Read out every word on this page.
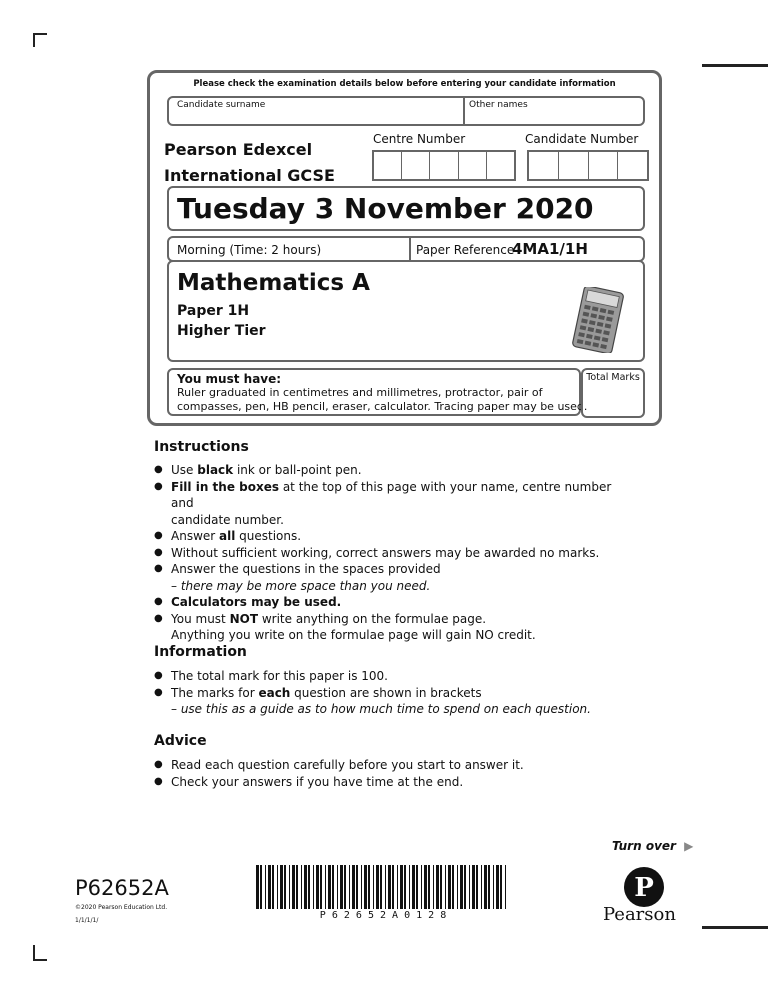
Please check the examination details below before entering your candidate information
Candidate surname	Other names
Pearson Edexcel
International GCSE
Centre Number	Candidate Number
Tuesday 3 November 2020
Morning (Time: 2 hours)	Paper Reference
4MA1/1H
Mathematics A
Paper 1H
Higher Tier
You must have:
Ruler graduated in centimetres and millimetres, protractor, pair of
compasses, pen, HB pencil, eraser, calculator. Tracing paper may be used.
Total Marks
Instructions
● Use black ink or ball-point pen.
● Fill in the boxes at the top of this page with your name, centre number and
candidate number.
● Answer all questions.
● Without sufficient working, correct answers may be awarded no marks.
● Answer the questions in the spaces provided
– there may be more space than you need.
● Calculators may be used.
● You must NOT write anything on the formulae page.
Anything you write on the formulae page will gain NO credit.
Information
● The total mark for this paper is 100.
● The marks for each question are shown in brackets
– use this as a guide as to how much time to spend on each question.
Advice
● Read each question carefully before you start to answer it.
● Check your answers if you have time at the end.
Turn over ▶
P62652A
©2020 Pearson Education Ltd.
1/1/1/1/	P 6 2 6 5 2 A 0 1 2 8
P
Pearson
